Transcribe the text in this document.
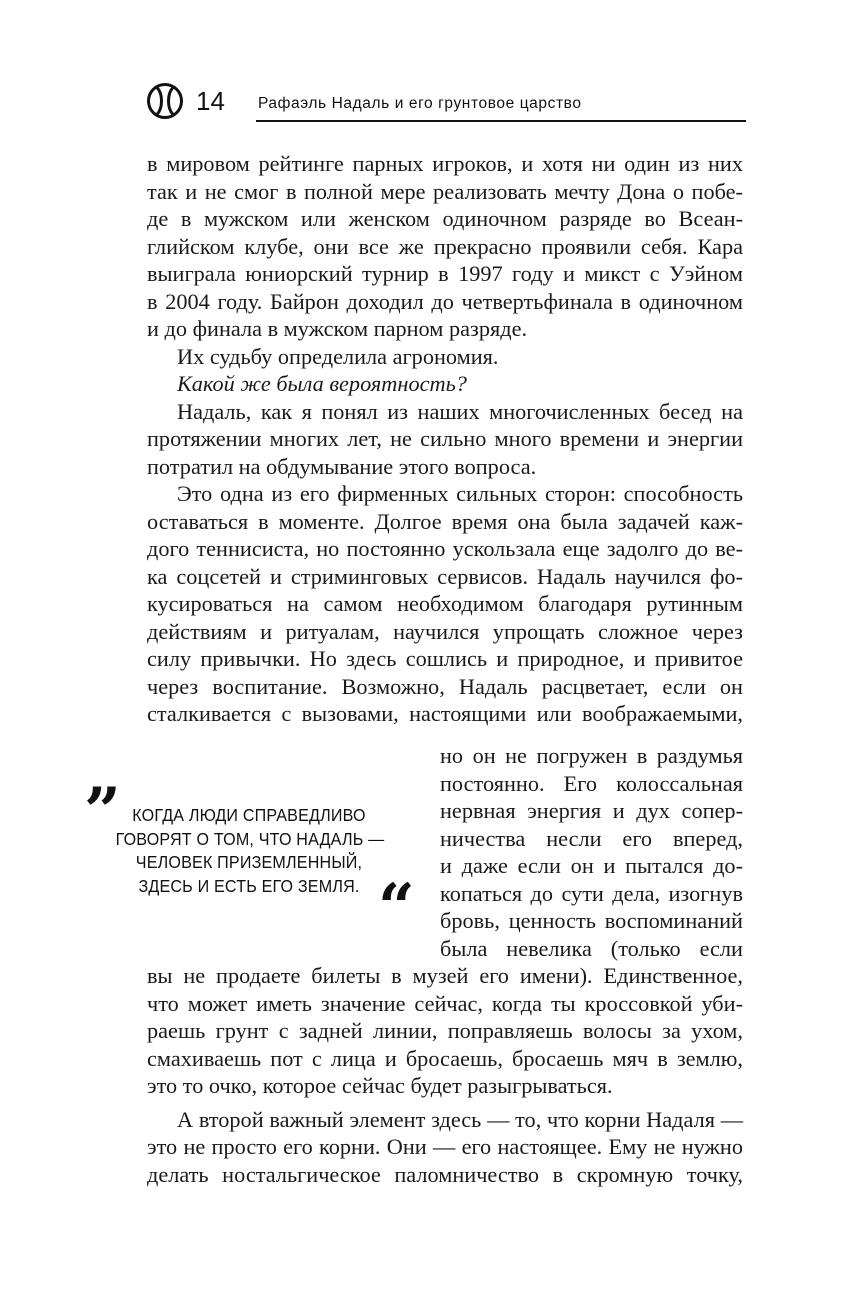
14 Рафаэль Надаль и его грунтовое царство
в мировом рейтинге парных игроков, и хотя ни один из них
так и не смог в полной мере реализовать мечту Дона о побе-
де в мужском или женском одиночном разряде во Всеан-
глийском клубе, они все же прекрасно проявили себя. Кара
выиграла юниорский турнир в 1997 году и микст с Уэйном
в 2004 году. Байрон доходил до четвертьфинала в одиночном
и до финала в мужском парном разряде.
Их судьбу определила агрономия.
Какой же была вероятность?
Надаль, как я понял из наших многочисленных бесед на
протяжении многих лет, не сильно много времени и энергии
потратил на обдумывание этого вопроса.
Это одна из его фирменных сильных сторон: способность
оставаться в моменте. Долгое время она была задачей каж-
дого теннисиста, но постоянно ускользала еще задолго до ве-
ка соцсетей и стриминговых сервисов. Надаль научился фо-
кусироваться на самом необходимом благодаря рутинным
действиям и ритуалам, научился упрощать сложное через
силу привычки. Но здесь сошлись и природное, и привитое
через воспитание. Возможно, Надаль расцветает, если он
сталкивается с вызовами, настоящими или воображаемыми,
но он не погружен в раздумья
постоянно. Его колоссальная
нервная энергия и дух сопер-
ничества несли его вперед,
и даже если он и пытался до-
копаться до сути дела, изогнув
бровь, ценность воспоминаний
была невелика (только если
” КОГДА ЛЮДИ СПРАВЕДЛИВО
ГОВОРЯТ О ТОМ, ЧТО НАДАЛЬ —
ЧЕЛОВЕК ПРИЗЕМЛЕННЫЙ,
ЗДЕСЬ И ЕСТЬ ЕГО ЗЕМЛЯ. “
вы не продаете билеты в музей его имени). Единственное,
что может иметь значение сейчас, когда ты кроссовкой уби-
раешь грунт с задней линии, поправляешь волосы за ухом,
смахиваешь пот с лица и бросаешь, бросаешь мяч в землю,
это то очко, которое сейчас будет разыгрываться.
А второй важный элемент здесь — то, что корни Надаля —
это не просто его корни. Они — его настоящее. Ему не нужно
делать ностальгическое паломничество в скромную точку,
